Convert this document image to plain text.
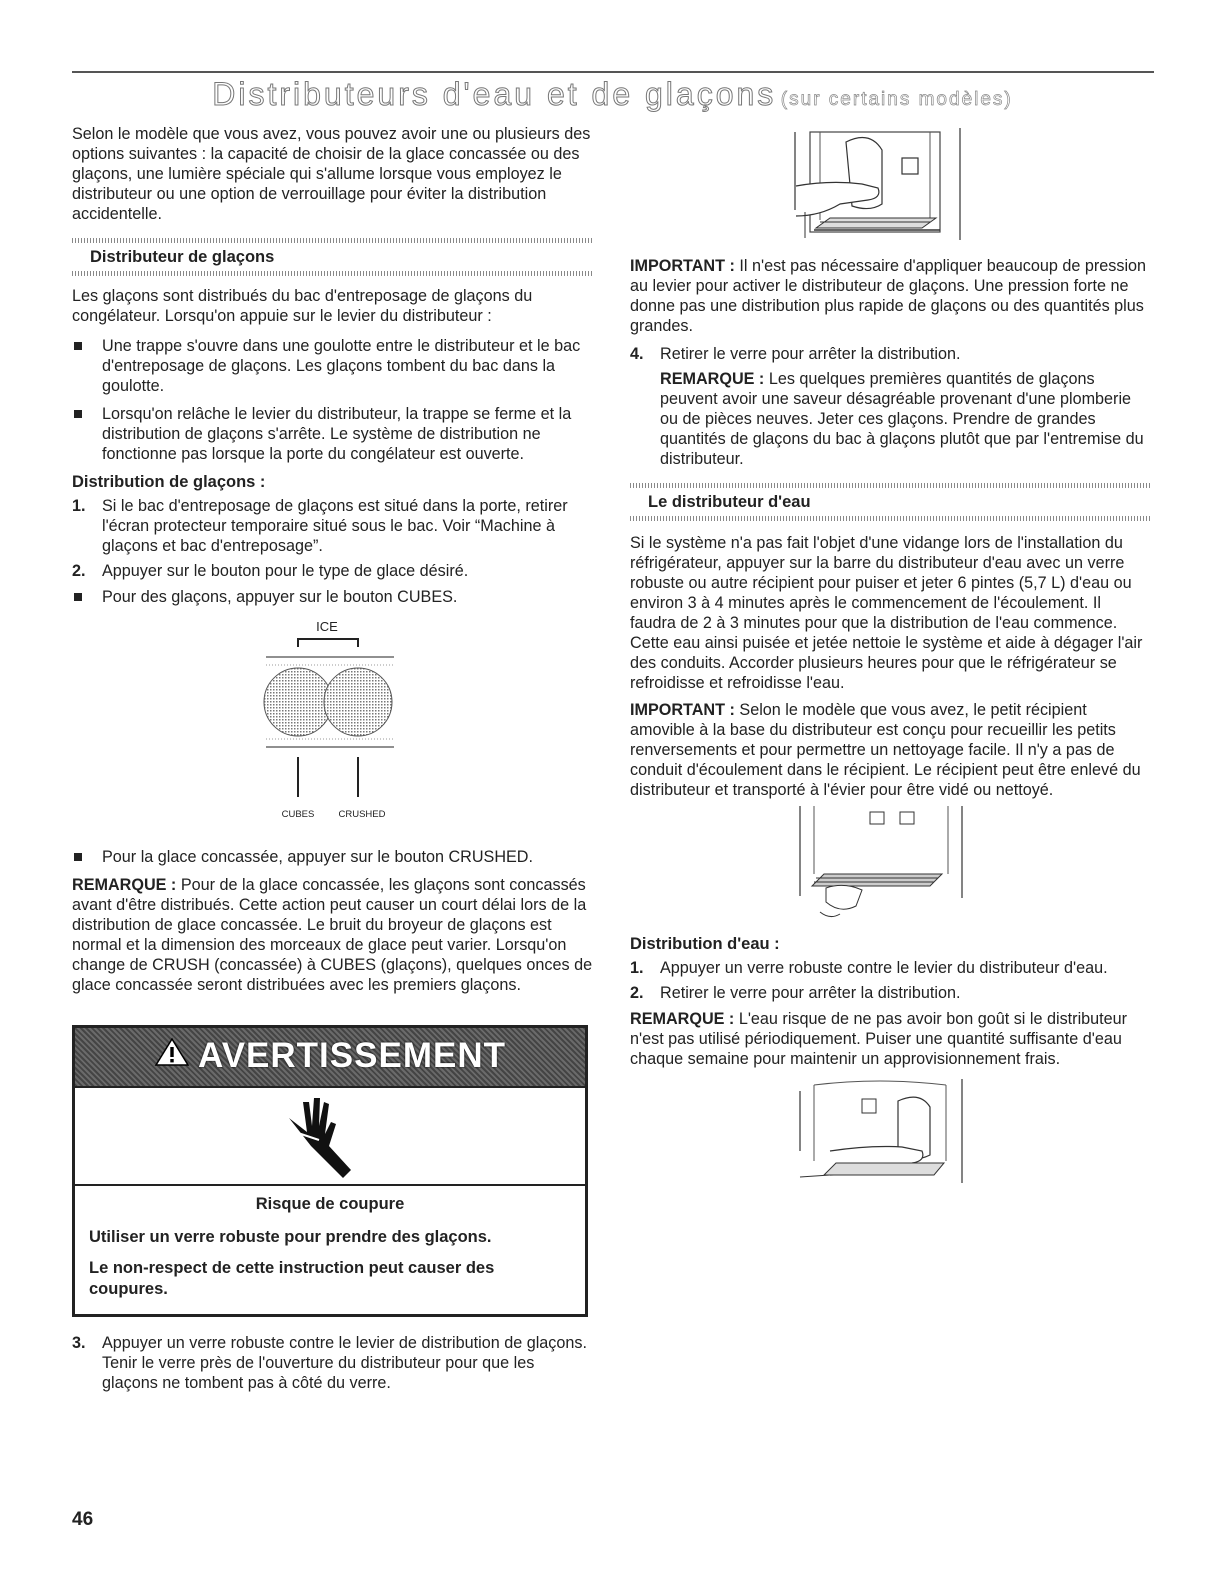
Distributeurs d'eau et de glaçons (sur certains modèles)

Selon le modèle que vous avez, vous pouvez avoir une ou plusieurs des options suivantes : la capacité de choisir de la glace concassée ou des glaçons, une lumière spéciale qui s'allume lorsque vous employez le distributeur ou une option de verrouillage pour éviter la distribution accidentelle.

Distributeur de glaçons

Les glaçons sont distribués du bac d'entreposage de glaçons du congélateur. Lorsqu'on appuie sur le levier du distributeur :

Une trappe s'ouvre dans une goulotte entre le distributeur et le bac d'entreposage de glaçons. Les glaçons tombent du bac dans la goulotte.
Lorsqu'on relâche le levier du distributeur, la trappe se ferme et la distribution de glaçons s'arrête. Le système de distribution ne fonctionne pas lorsque la porte du congélateur est ouverte.
Distribution de glaçons :
1. Si le bac d'entreposage de glaçons est situé dans la porte, retirer l'écran protecteur temporaire situé sous le bac. Voir “Machine à glaçons et bac d'entreposage”.
2. Appuyer sur le bouton pour le type de glace désiré.
Pour des glaçons, appuyer sur le bouton CUBES.
ICE
CUBES	CRUSHED
Pour la glace concassée, appuyer sur le bouton CRUSHED.

REMARQUE : Pour de la glace concassée, les glaçons sont concassés avant d'être distribués. Cette action peut causer un court délai lors de la distribution de glace concassée. Le bruit du broyeur de glaçons est normal et la dimension des morceaux de glace peut varier. Lorsqu'on change de CRUSH (concassée) à CUBES (glaçons), quelques onces de glace concassée seront distribuées avec les premiers glaçons.

AVERTISSEMENT
Risque de coupure

Utiliser un verre robuste pour prendre des glaçons.

Le non-respect de cette instruction peut causer des coupures.

3. Appuyer un verre robuste contre le levier de distribution de glaçons. Tenir le verre près de l'ouverture du distributeur pour que les glaçons ne tombent pas à côté du verre.

IMPORTANT : Il n'est pas nécessaire d'appliquer beaucoup de pression au levier pour activer le distributeur de glaçons. Une pression forte ne donne pas une distribution plus rapide de glaçons ou des quantités plus grandes.

4. Retirer le verre pour arrêter la distribution.

REMARQUE : Les quelques premières quantités de glaçons peuvent avoir une saveur désagréable provenant d'une plomberie ou de pièces neuves. Jeter ces glaçons. Prendre de grandes quantités de glaçons du bac à glaçons plutôt que par l'entremise du distributeur.

Le distributeur d'eau

Si le système n'a pas fait l'objet d'une vidange lors de l'installation du réfrigérateur, appuyer sur la barre du distributeur d'eau avec un verre robuste ou autre récipient pour puiser et jeter 6 pintes (5,7 L) d'eau ou environ 3 à 4 minutes après le commencement de l'écoulement. Il faudra de 2 à 3 minutes pour que la distribution de l'eau commence. Cette eau ainsi puisée et jetée nettoie le système et aide à dégager l'air des conduits. Accorder plusieurs heures pour que le réfrigérateur se refroidisse et refroidisse l'eau.

IMPORTANT : Selon le modèle que vous avez, le petit récipient amovible à la base du distributeur est conçu pour recueillir les petits renversements et pour permettre un nettoyage facile. Il n'y a pas de conduit d'écoulement dans le récipient. Le récipient peut être enlevé du distributeur et transporté à l'évier pour être vidé ou nettoyé.

Distribution d'eau :
1. Appuyer un verre robuste contre le levier du distributeur d'eau.
2. Retirer le verre pour arrêter la distribution.

REMARQUE : L'eau risque de ne pas avoir bon goût si le distributeur n'est pas utilisé périodiquement. Puiser une quantité suffisante d'eau chaque semaine pour maintenir un approvisionnement frais.

46
